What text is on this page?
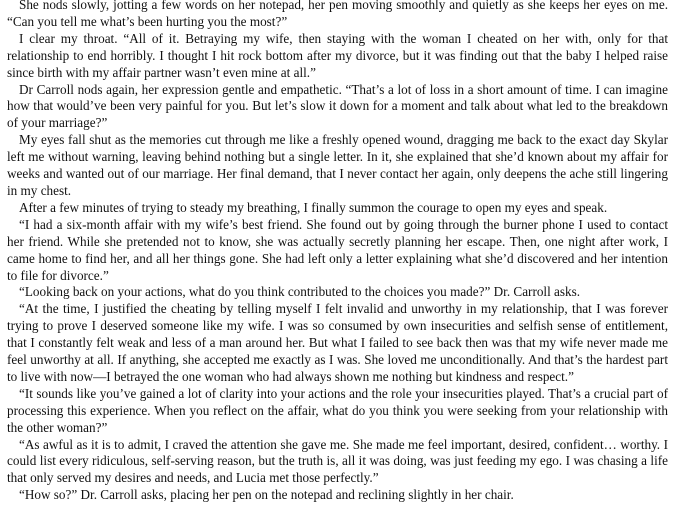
She nods slowly, jotting a few words on her notepad, her pen moving smoothly and quietly as she keeps her eyes on me. “Can you tell me what’s been hurting you the most?”

I clear my throat. “All of it. Betraying my wife, then staying with the woman I cheated on her with, only for that relationship to end horribly. I thought I hit rock bottom after my divorce, but it was finding out that the baby I helped raise since birth with my affair partner wasn’t even mine at all.”

Dr Carroll nods again, her expression gentle and empathetic. “That’s a lot of loss in a short amount of time. I can imagine how that would’ve been very painful for you. But let’s slow it down for a moment and talk about what led to the breakdown of your marriage?”

My eyes fall shut as the memories cut through me like a freshly opened wound, dragging me back to the exact day Skylar left me without warning, leaving behind nothing but a single letter. In it, she explained that she’d known about my affair for weeks and wanted out of our marriage. Her final demand, that I never contact her again, only deepens the ache still lingering in my chest.

After a few minutes of trying to steady my breathing, I finally summon the courage to open my eyes and speak.

“I had a six-month affair with my wife’s best friend. She found out by going through the burner phone I used to contact her friend. While she pretended not to know, she was actually secretly planning her escape. Then, one night after work, I came home to find her, and all her things gone. She had left only a letter explaining what she’d discovered and her intention to file for divorce.”

“Looking back on your actions, what do you think contributed to the choices you made?” Dr. Carroll asks.

“At the time, I justified the cheating by telling myself I felt invalid and unworthy in my relationship, that I was forever trying to prove I deserved someone like my wife. I was so consumed by own insecurities and selfish sense of entitlement, that I constantly felt weak and less of a man around her. But what I failed to see back then was that my wife never made me feel unworthy at all. If anything, she accepted me exactly as I was. She loved me unconditionally. And that’s the hardest part to live with now—I betrayed the one woman who had always shown me nothing but kindness and respect.”

“It sounds like you’ve gained a lot of clarity into your actions and the role your insecurities played. That’s a crucial part of processing this experience. When you reflect on the affair, what do you think you were seeking from your relationship with the other woman?”

“As awful as it is to admit, I craved the attention she gave me. She made me feel important, desired, confident… worthy. I could list every ridiculous, self-serving reason, but the truth is, all it was doing, was just feeding my ego. I was chasing a life that only served my desires and needs, and Lucia met those perfectly.”

“How so?” Dr. Carroll asks, placing her pen on the notepad and reclining slightly in her chair.
